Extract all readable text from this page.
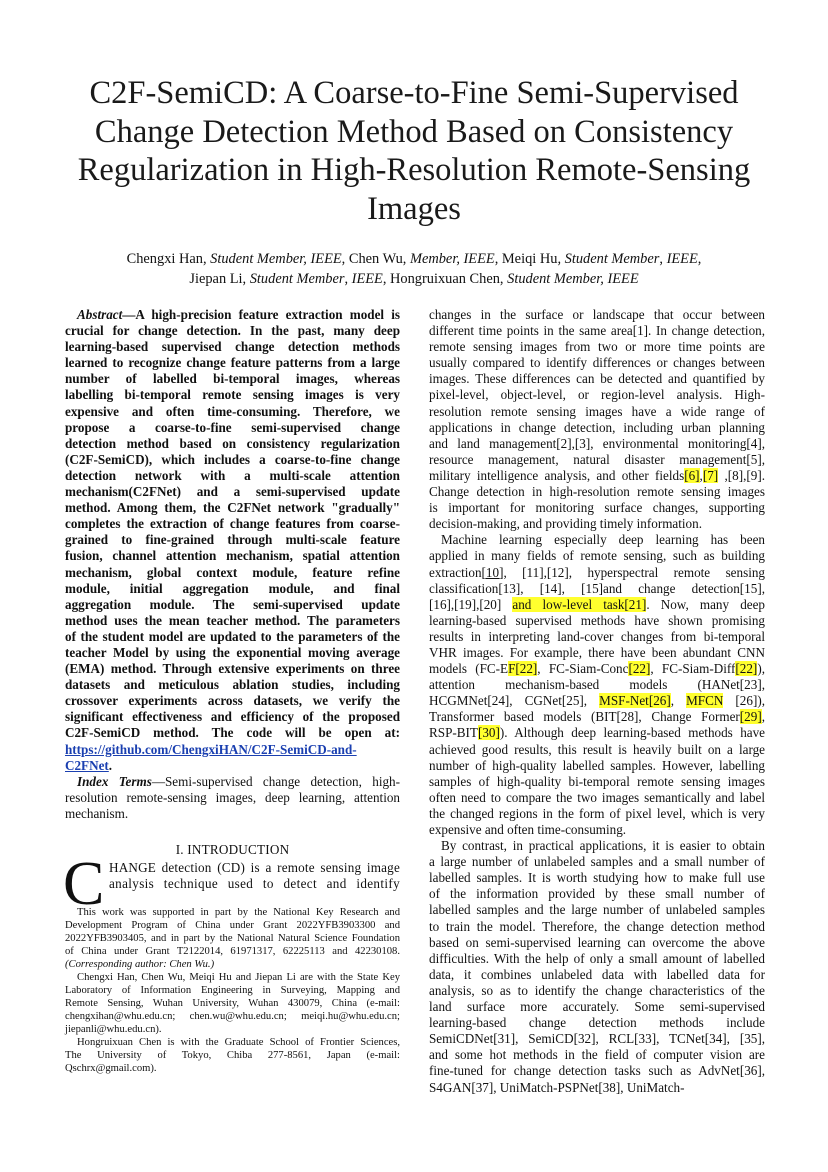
C2F-SemiCD: A Coarse-to-Fine Semi-Supervised
Change Detection Method Based on Consistency
Regularization in High-Resolution Remote-Sensing
Images
Chengxi Han, Student Member, IEEE, Chen Wu, Member, IEEE, Meiqi Hu, Student Member, IEEE,
Jiepan Li, Student Member, IEEE, Hongruixuan Chen, Student Member, IEEE
Abstract—A high-precision feature extraction model is
crucial for change detection. In the past, many deep
learning-based supervised change detection methods
learned to recognize change feature patterns from a large
number of labelled bi-temporal images, whereas
labelling bi-temporal remote sensing images is very
expensive and often time-consuming. Therefore, we
propose a coarse-to-fine semi-supervised change
detection method based on consistency regularization
(C2F-SemiCD), which includes a coarse-to-fine change
detection network with a multi-scale attention
mechanism(C2FNet) and a semi-supervised update
method. Among them, the C2FNet network "gradually"
completes the extraction of change features from coarse-
grained to fine-grained through multi-scale feature
fusion, channel attention mechanism, spatial attention
mechanism, global context module, feature refine
module, initial aggregation module, and final
aggregation module. The semi-supervised update
method uses the mean teacher method. The parameters
of the student model are updated to the parameters of the
teacher Model by using the exponential moving average
(EMA) method. Through extensive experiments on three
datasets and meticulous ablation studies, including
crossover experiments across datasets, we verify the
significant effectiveness and efficiency of the proposed
C2F-SemiCD method. The code will be open at:
https://github.com/ChengxiHAN/C2F-SemiCD-and-
C2FNet.
Index Terms—Semi-supervised change detection, high-
resolution remote-sensing images, deep learning, attention
mechanism.
I. INTRODUCTION
C HANGE detection (CD) is a remote sensing image
analysis technique used to detect and identify
This work was supported in part by the National Key Research and
Development Program of China under Grant 2022YFB3903300 and
2022YFB3903405, and in part by the National Natural Science Foundation
of China under Grant T2122014, 61971317, 62225113 and 42230108.
(Corresponding author: Chen Wu.)
Chengxi Han, Chen Wu, Meiqi Hu and Jiepan Li are with the State Key
Laboratory of Information Engineering in Surveying, Mapping and
Remote Sensing, Wuhan University, Wuhan 430079, China (e-mail:
chengxihan@whu.edu.cn; chen.wu@whu.edu.cn; meiqi.hu@whu.edu.cn;
jiepanli@whu.edu.cn).
Hongruixuan Chen is with the Graduate School of Frontier Sciences,
The University of Tokyo, Chiba 277-8561, Japan (e-mail:
Qschrx@gmail.com).
changes in the surface or landscape that occur between
different time points in the same area[1]. In change detection,
remote sensing images from two or more time points are
usually compared to identify differences or changes between
images. These differences can be detected and quantified by
pixel-level, object-level, or region-level analysis. High-
resolution remote sensing images have a wide range of
applications in change detection, including urban planning
and land management[2],[3], environmental monitoring[4],
resource management, natural disaster management[5],
military intelligence analysis, and other fields[6],[7] ,[8],[9].
Change detection in high-resolution remote sensing images
is important for monitoring surface changes, supporting
decision-making, and providing timely information.
Machine learning especially deep learning has been
applied in many fields of remote sensing, such as building
extraction[10], [11],[12], hyperspectral remote sensing
classification[13], [14], [15]and change detection[15],
[16],[19],[20] and low-level task[21]. Now, many deep
learning-based supervised methods have shown promising
results in interpreting land-cover changes from bi-temporal
VHR images. For example, there have been abundant CNN
models (FC-EF[22], FC-Siam-Conc[22], FC-Siam-Diff[22]),
attention mechanism-based models (HANet[23],
HCGMNet[24], CGNet[25], MSF-Net[26], MFCN [26]),
Transformer based models (BIT[28], Change Former[29],
RSP-BIT[30]). Although deep learning-based methods have
achieved good results, this result is heavily built on a large
number of high-quality labelled samples. However, labelling
samples of high-quality bi-temporal remote sensing images
often need to compare the two images semantically and label
the changed regions in the form of pixel level, which is very
expensive and often time-consuming.
By contrast, in practical applications, it is easier to obtain
a large number of unlabeled samples and a small number of
labelled samples. It is worth studying how to make full use
of the information provided by these small number of
labelled samples and the large number of unlabeled samples
to train the model. Therefore, the change detection method
based on semi-supervised learning can overcome the above
difficulties. With the help of only a small amount of labelled
data, it combines unlabeled data with labelled data for
analysis, so as to identify the change characteristics of the
land surface more accurately. Some semi-supervised
learning-based change detection methods include
SemiCDNet[31], SemiCD[32], RCL[33], TCNet[34], [35],
and some hot methods in the field of computer vision are
fine-tuned for change detection tasks such as AdvNet[36],
S4GAN[37], UniMatch-PSPNet[38], UniMatch-
